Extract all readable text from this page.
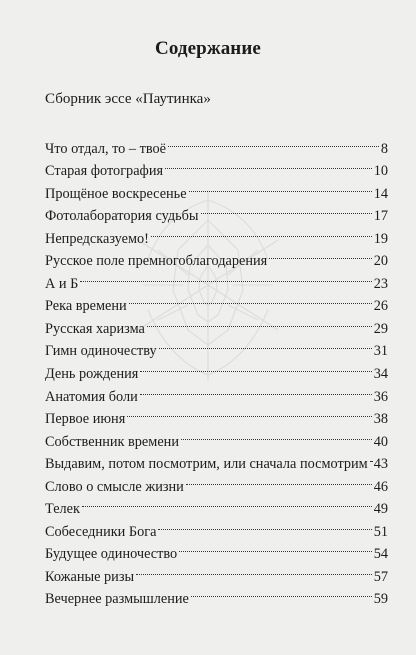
Содержание
Сборник эссе «Паутинка»
Что отдал, то – твоё	8
Старая фотография	10
Прощёное воскресенье	14
Фотолаборатория судьбы	17
Непредсказуемо!	19
Русское поле премногоблагодарения	20
А и Б	23
Река времени	26
Русская харизма	29
Гимн одиночеству	31
День рождения	34
Анатомия боли	36
Первое июня	38
Собственник времени	40
Выдавим, потом посмотрим, или сначала посмотрим 43
Слово о смысле жизни	46
Телек	49
Собеседники Бога	51
Будущее одиночество	54
Кожаные ризы	57
Вечернее размышление	59
